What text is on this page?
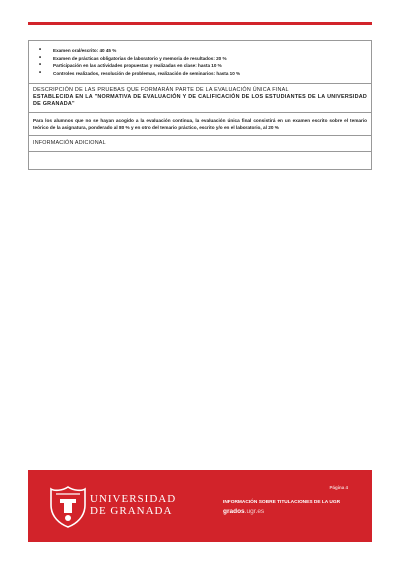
• Examen oral/escrito: 40 45 %
• Examen de prácticas obligatorias de laboratorio y memoria de resultados: 20 %
• Participación en las actividades propuestas y realizadas en clase: hasta 10 %
• Controles realizados, resolución de problemas, realización de seminarios: hasta 10 %
DESCRIPCIÓN DE LAS PRUEBAS QUE FORMARÁN PARTE DE LA EVALUACIÓN ÚNICA FINAL
ESTABLECIDA EN LA "NORMATIVA DE EVALUACIÓN Y DE CALIFICACIÓN DE LOS ESTUDIANTES DE LA UNIVERSIDAD DE GRANADA"
Para los alumnos que no se hayan acogido a la evaluación continua, la evaluación única final consistirá en un examen escrito sobre el temario teórico de la asignatura, ponderado al 80 % y en otro del temario práctico, escrito y/o en el laboratorio, al 20 %
INFORMACIÓN ADICIONAL
UNIVERSIDAD
DE GRANADA
Página 4
INFORMACIÓN SOBRE TITULACIONES DE LA UGR
grados.ugr.es
